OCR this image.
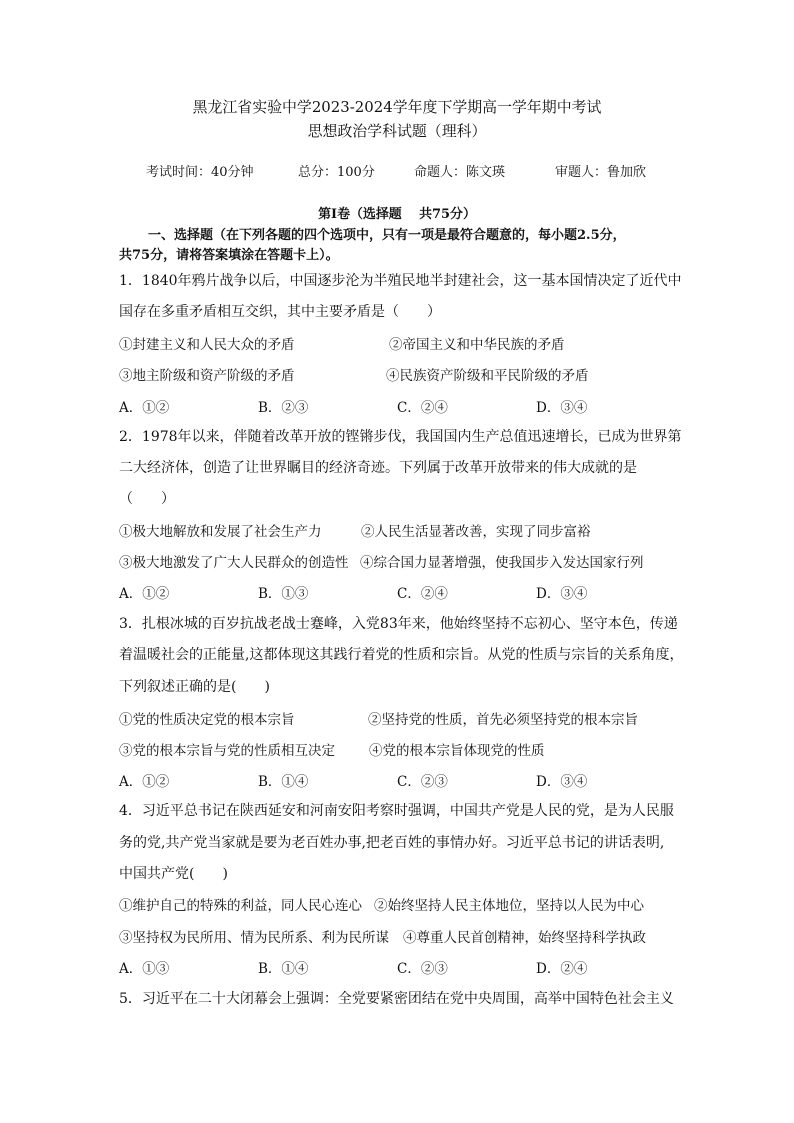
黑龙江省实验中学2023-2024学年度下学期高一学年期中考试
思想政治学科试题（理科）
考试时间：40分钟	总分：100分	命题人：陈文瑛	审题人：鲁加欣
第Ⅰ卷（选择题　 共75分）
一、选择题（在下列各题的四个选项中，只有一项是最符合题意的，每小题2.5分，
共75分，请将答案填涂在答题卡上）。
1．1840年鸦片战争以后，中国逐步沦为半殖民地半封建社会，这一基本国情决定了近代中
国存在多重矛盾相互交织，其中主要矛盾是（　　）
①封建主义和人民大众的矛盾	②帝国主义和中华民族的矛盾
③地主阶级和资产阶级的矛盾	④民族资产阶级和平民阶级的矛盾
A．①②	B．②③	C．②④	D．③④
2．1978年以来，伴随着改革开放的铿锵步伐，我国国内生产总值迅速增长，已成为世界第
二大经济体，创造了让世界瞩目的经济奇迹。下列属于改革开放带来的伟大成就的是
（　　）
①极大地解放和发展了社会生产力	②人民生活显著改善，实现了同步富裕
③极大地激发了广大人民群众的创造性 ④综合国力显著增强，使我国步入发达国家行列
A．①②	B．①③	C．②④	D．③④
3．扎根冰城的百岁抗战老战士蹇峰，入党83年来，他始终坚持不忘初心、坚守本色，传递
着温暖社会的正能量,这都体现这其践行着党的性质和宗旨。从党的性质与宗旨的关系角度，
下列叙述正确的是(　　)
①党的性质决定党的根本宗旨	②坚持党的性质，首先必须坚持党的根本宗旨
③党的根本宗旨与党的性质相互决定	④党的根本宗旨体现党的性质
A．①②	B．①④	C．②③	D．③④
4．习近平总书记在陕西延安和河南安阳考察时强调，中国共产党是人民的党，是为人民服
务的党,共产党当家就是要为老百姓办事,把老百姓的事情办好。习近平总书记的讲话表明,
中国共产党(　　)
①维护自己的特殊的利益，同人民心连心 ②始终坚持人民主体地位，坚持以人民为中心
③坚持权为民所用、情为民所系、利为民所谋 ④尊重人民首创精神，始终坚持科学执政
A．①③	B．①④	C．②③	D．②④
5．习近平在二十大闭幕会上强调：全党要紧密团结在党中央周围，高举中国特色社会主义
